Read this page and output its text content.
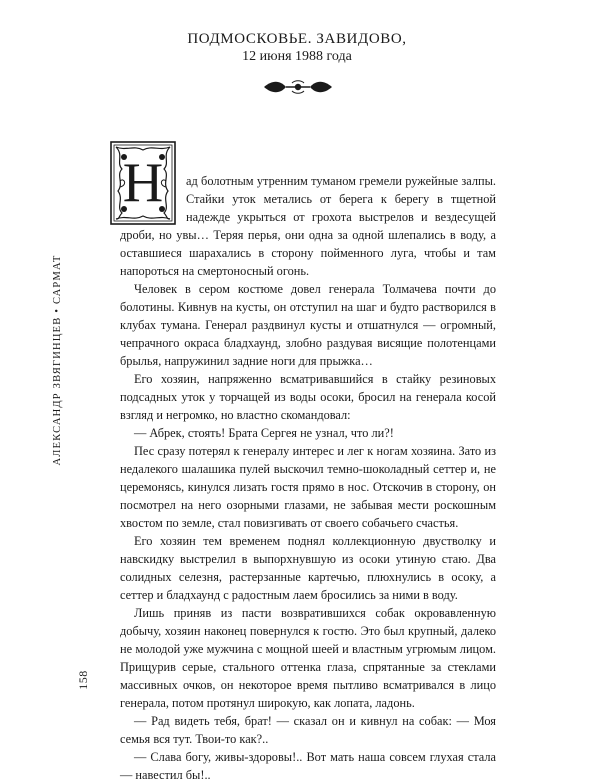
АЛЕКСАНДР ЗВЯГИНЦЕВ • САРМАТ
158
ПОДМОСКОВЬЕ. ЗАВИДОВО,
12 июня 1988 года
Н	ад болотным утренним туманом гремели ружейные залпы. Стайки уток метались от берега к берегу в тщетной надежде укрыться от грохота выстрелов и вездесущей дроби, но увы… Теряя перья, они одна за одной шлепались в воду, а оставшиеся шарахались в сторону пойменного луга, чтобы и там напороться на смертоносный огонь.

Человек в сером костюме довел генерала Толмачева почти до болотины. Кивнув на кусты, он отступил на шаг и будто растворился в клубах тумана. Генерал раздвинул кусты и отшатнулся — огромный, чепрачного окраса бладхаунд, злобно раздувая висящие полотенцами брылья, напружинил задние ноги для прыжка…

Его хозяин, напряженно всматривавшийся в стайку резиновых подсадных уток у торчащей из воды осоки, бросил на генерала косой взгляд и негромко, но властно скомандовал:

— Абрек, стоять! Брата Сергея не узнал, что ли?!

Пес сразу потерял к генералу интерес и лег к ногам хозяина. Зато из недалекого шалашика пулей выскочил темно-шоколадный сеттер и, не церемонясь, кинулся лизать гостя прямо в нос. Отскочив в сторону, он посмотрел на него озорными глазами, не забывая мести роскошным хвостом по земле, стал повизгивать от своего собачьего счастья.

Его хозяин тем временем поднял коллекционную двустволку и навскидку выстрелил в выпорхнувшую из осоки утиную стаю. Два солидных селезня, растерзанные картечью, плюхнулись в осоку, а сеттер и бладхаунд с радостным лаем бросились за ними в воду.

Лишь приняв из пасти возвратившихся собак окровавленную добычу, хозяин наконец повернулся к гостю. Это был крупный, далеко не молодой уже мужчина с мощной шеей и властным угрюмым лицом. Прищурив серые, стального оттенка глаза, спрятанные за стеклами массивных очков, он некоторое время пытливо всматривался в лицо генерала, потом протянул широкую, как лопата, ладонь.

— Рад видеть тебя, брат! — сказал он и кивнул на собак: — Моя семья вся тут. Твои-то как?..

— Слава богу, живы-здоровы!.. Вот мать наша совсем глухая стала — навестил бы!..
